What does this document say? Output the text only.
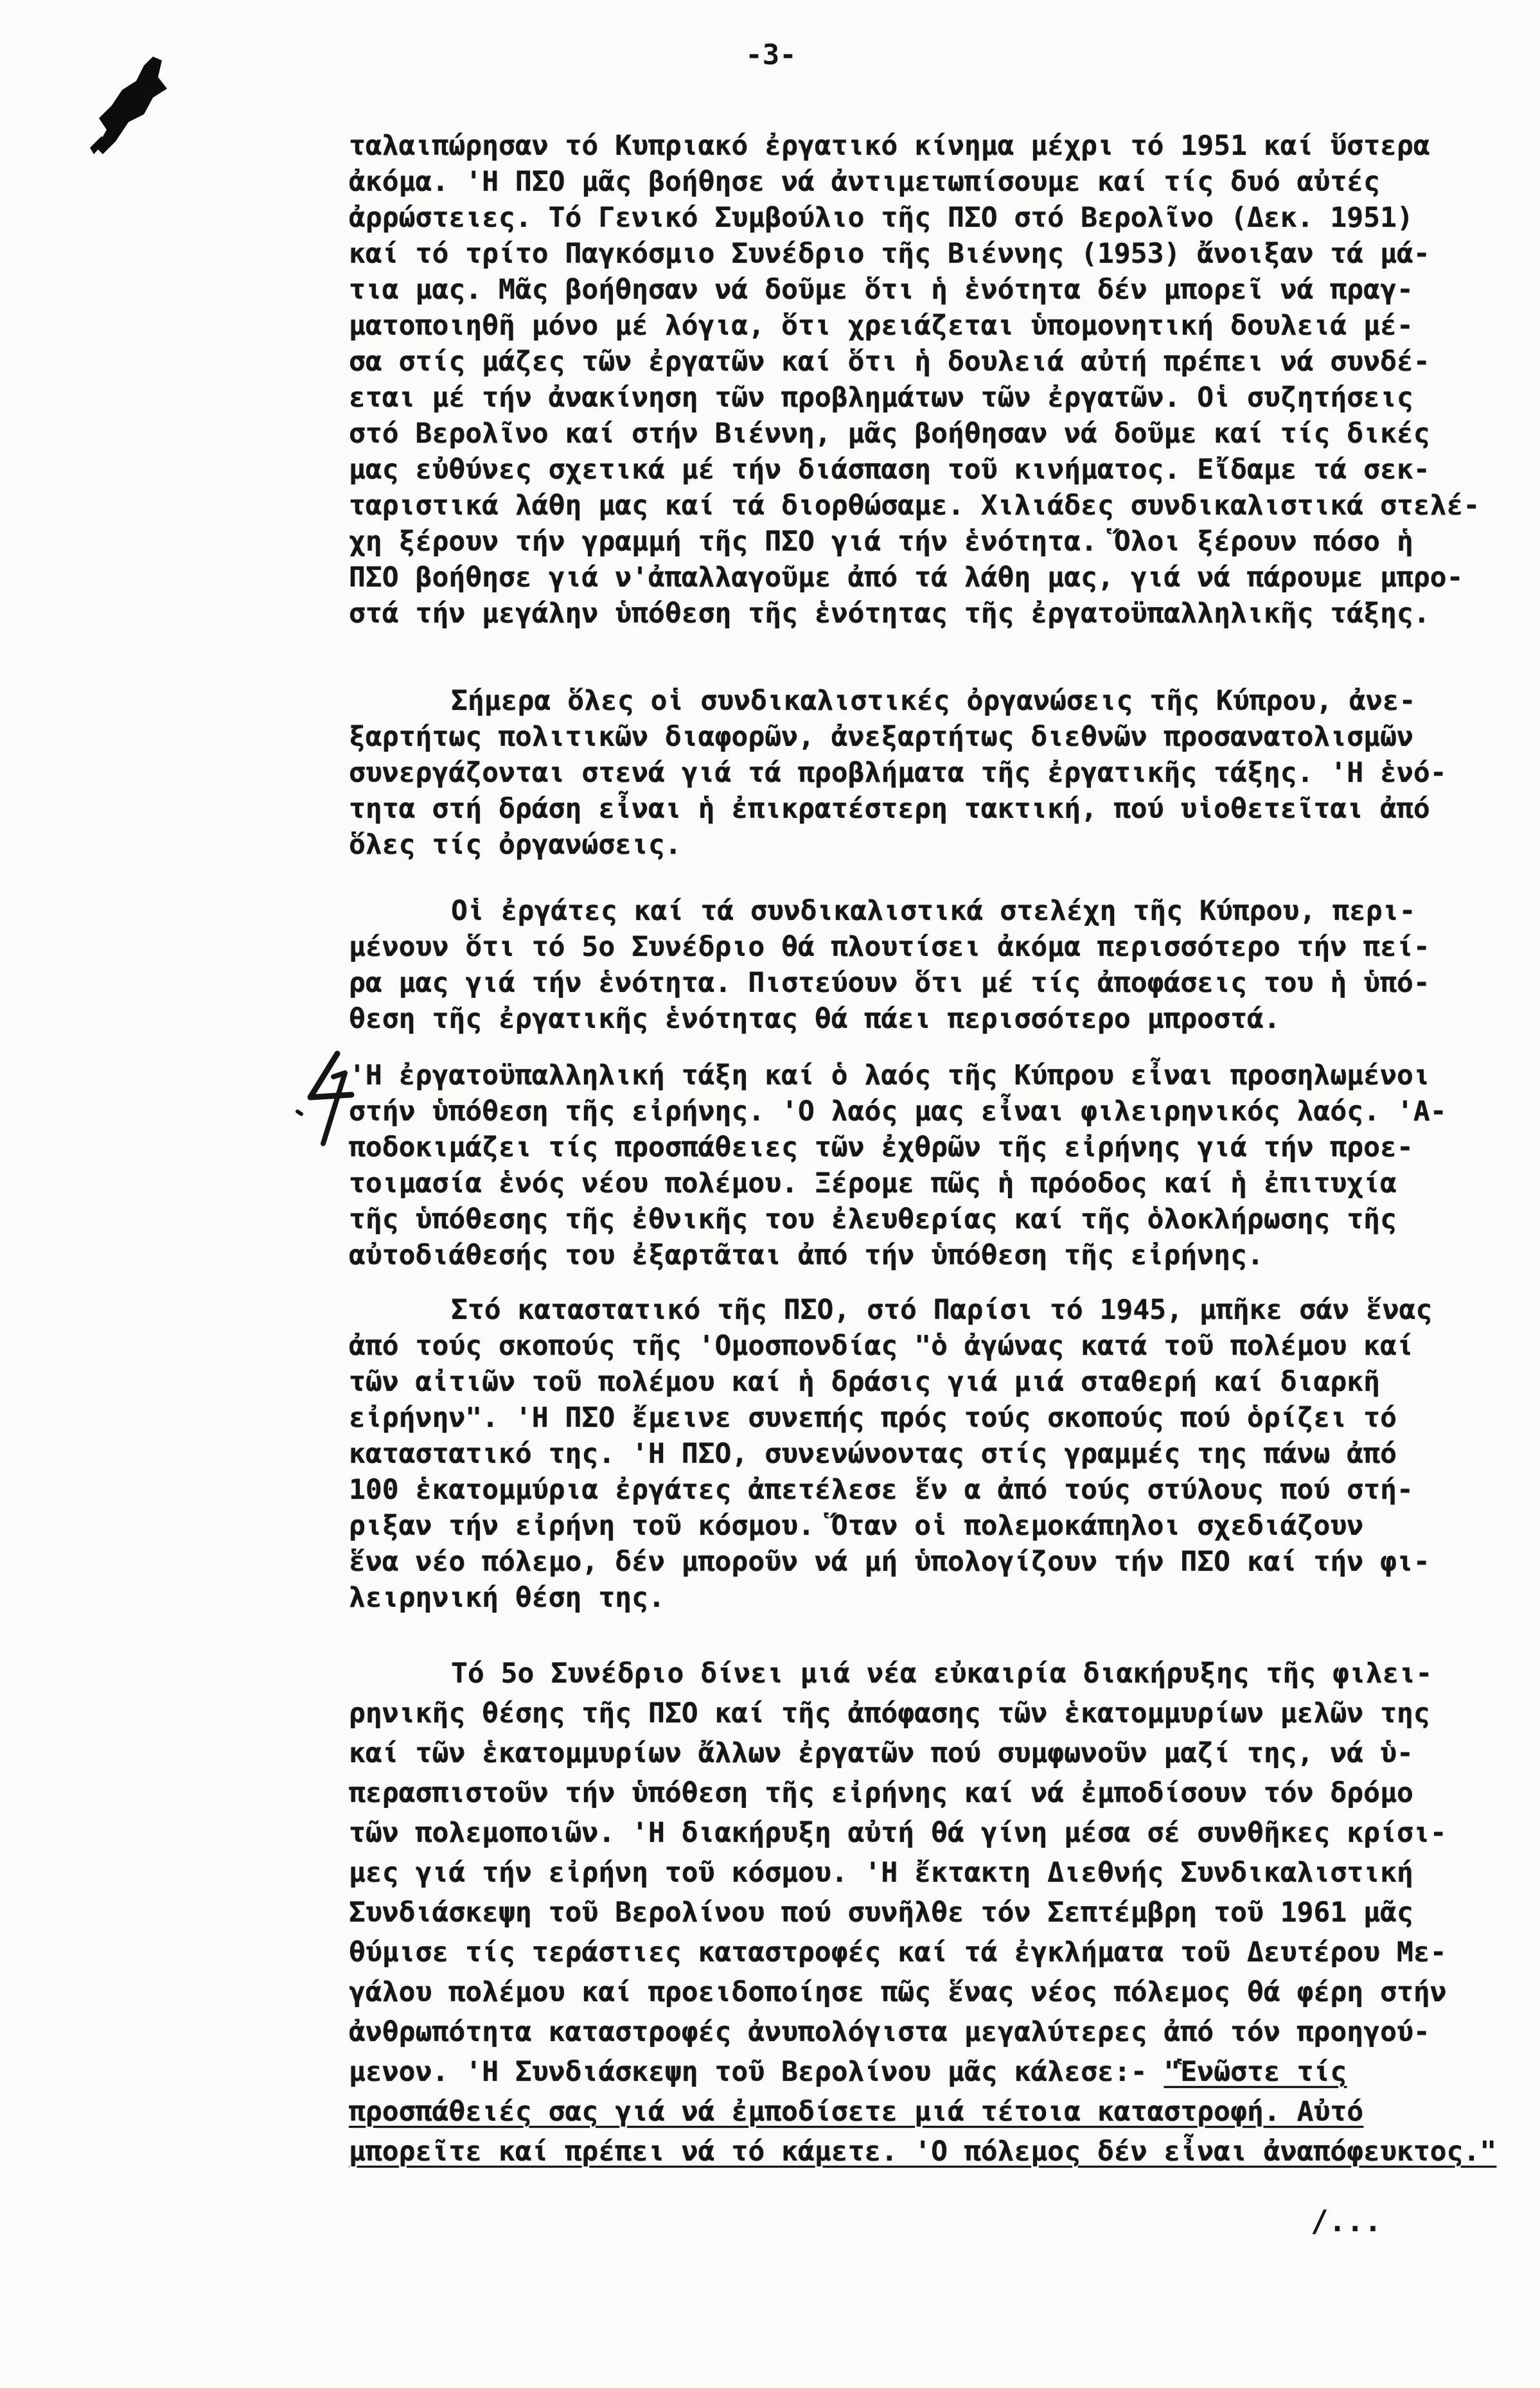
-3-
ταλαιπώρησαν τό Κυπριακό ἐργατικό κίνημα μέχρι τό 1951 καί ὕστερα
ἀκόμα. 'Η ΠΣΟ μᾶς βοήθησε νά ἀντιμετωπίσουμε καί τίς δυό αὐτές
ἀρρώστειες. Τό Γενικό Συμβούλιο τῆς ΠΣΟ στό Βερολῖνο (Δεκ. 1951)
καί τό τρίτο Παγκόσμιο Συνέδριο τῆς Βιέννης (1953) ἄνοιξαν τά μά-
τια μας. Μᾶς βοήθησαν νά δοῦμε ὅτι ἡ ἑνότητα δέν μπορεῖ νά πραγ-
ματοποιηθῆ μόνο μέ λόγια, ὅτι χρειάζεται ὑπομονητική δουλειά μέ-
σα στίς μάζες τῶν ἐργατῶν καί ὅτι ἡ δουλειά αὐτή πρέπει νά συνδέ-
εται μέ τήν ἀνακίνηση τῶν προβλημάτων τῶν ἐργατῶν. Οἱ συζητήσεις
στό Βερολῖνο καί στήν Βιέννη, μᾶς βοήθησαν νά δοῦμε καί τίς δικές
μας εὐθύνες σχετικά μέ τήν διάσπαση τοῦ κινήματος. Εἴδαμε τά σεκ-
ταριστικά λάθη μας καί τά διορθώσαμε. Χιλιάδες συνδικαλιστικά στελέ-
χη ξέρουν τήν γραμμή τῆς ΠΣΟ γιά τήν ἑνότητα. Ὅλοι ξέρουν πόσο ἡ
ΠΣΟ βοήθησε γιά ν'ἀπαλλαγοῦμε ἀπό τά λάθη μας, γιά νά πάρουμε μπρο-
στά τήν μεγάλην ὑπόθεση τῆς ἑνότητας τῆς ἐργατοϋπαλληλικῆς τάξης.
Σήμερα ὅλες οἱ συνδικαλιστικές ὀργανώσεις τῆς Κύπρου, ἀνε-
ξαρτήτως πολιτικῶν διαφορῶν, ἀνεξαρτήτως διεθνῶν προσανατολισμῶν
συνεργάζονται στενά γιά τά προβλήματα τῆς ἐργατικῆς τάξης. 'Η ἑνό-
τητα στή δράση εἶναι ἡ ἐπικρατέστερη τακτική, πού υἱοθετεῖται ἀπό
ὅλες τίς ὀργανώσεις.
Οἱ ἐργάτες καί τά συνδικαλιστικά στελέχη τῆς Κύπρου, περι-
μένουν ὅτι τό 5ο Συνέδριο θά πλουτίσει ἀκόμα περισσότερο τήν πεί-
ρα μας γιά τήν ἑνότητα. Πιστεύουν ὅτι μέ τίς ἀποφάσεις του ἡ ὑπό-
θεση τῆς ἐργατικῆς ἑνότητας θά πάει περισσότερο μπροστά.
'Η ἐργατοϋπαλληλική τάξη καί ὁ λαός τῆς Κύπρου εἶναι προσηλωμένοι
στήν ὑπόθεση τῆς εἰρήνης. 'Ο λαός μας εἶναι φιλειρηνικός λαός. 'Α-
ποδοκιμάζει τίς προσπάθειες τῶν ἐχθρῶν τῆς εἰρήνης γιά τήν προε-
τοιμασία ἑνός νέου πολέμου. Ξέρομε πῶς ἡ πρόοδος καί ἡ ἐπιτυχία
τῆς ὑπόθεσης τῆς ἐθνικῆς του ἐλευθερίας καί τῆς ὁλοκλήρωσης τῆς
αὐτοδιάθεσής του ἐξαρτᾶται ἀπό τήν ὑπόθεση τῆς εἰρήνης.
Στό καταστατικό τῆς ΠΣΟ, στό Παρίσι τό 1945, μπῆκε σάν ἕνας
ἀπό τούς σκοπούς τῆς 'Ομοσπονδίας "ὁ ἀγώνας κατά τοῦ πολέμου καί
τῶν αἰτιῶν τοῦ πολέμου καί ἡ δράσις γιά μιά σταθερή καί διαρκῆ
εἰρήνην". 'Η ΠΣΟ ἔμεινε συνεπής πρός τούς σκοπούς πού ὁρίζει τό
καταστατικό της. 'Η ΠΣΟ, συνενώνοντας στίς γραμμές της πάνω ἀπό
100 ἑκατομμύρια ἐργάτες ἀπετέλεσε ἕν α ἀπό τούς στύλους πού στή-
ριξαν τήν εἰρήνη τοῦ κόσμου. Ὅταν οἱ πολεμοκάπηλοι σχεδιάζουν
ἕνα νέο πόλεμο, δέν μποροῦν νά μή ὑπολογίζουν τήν ΠΣΟ καί τήν φι-
λειρηνική θέση της.
Τό 5ο Συνέδριο δίνει μιά νέα εὐκαιρία διακήρυξης τῆς φιλει-
ρηνικῆς θέσης τῆς ΠΣΟ καί τῆς ἀπόφασης τῶν ἑκατομμυρίων μελῶν της
καί τῶν ἑκατομμυρίων ἄλλων ἐργατῶν πού συμφωνοῦν μαζί της, νά ὑ-
περασπιστοῦν τήν ὑπόθεση τῆς εἰρήνης καί νά ἐμποδίσουν τόν δρόμο
τῶν πολεμοποιῶν. 'Η διακήρυξη αὐτή θά γίνη μέσα σέ συνθῆκες κρίσι-
μες γιά τήν εἰρήνη τοῦ κόσμου. 'Η ἔκτακτη Διεθνής Συνδικαλιστική
Συνδιάσκεψη τοῦ Βερολίνου πού συνῆλθε τόν Σεπτέμβρη τοῦ 1961 μᾶς
θύμισε τίς τεράστιες καταστροφές καί τά ἐγκλήματα τοῦ Δευτέρου Με-
γάλου πολέμου καί προειδοποίησε πῶς ἕνας νέος πόλεμος θά φέρη στήν
ἀνθρωπότητα καταστροφές ἀνυπολόγιστα μεγαλύτερες ἀπό τόν προηγού-
μενον. 'Η Συνδιάσκεψη τοῦ Βερολίνου μᾶς κάλεσε:- "Ἑνῶστε τίς
προσπάθειές σας γιά νά ἐμποδίσετε μιά τέτοια καταστροφή. Αὐτό
μπορεῖτε καί πρέπει νά τό κάμετε. 'Ο πόλεμος δέν εἶναι ἀναπόφευκτος."
/...
